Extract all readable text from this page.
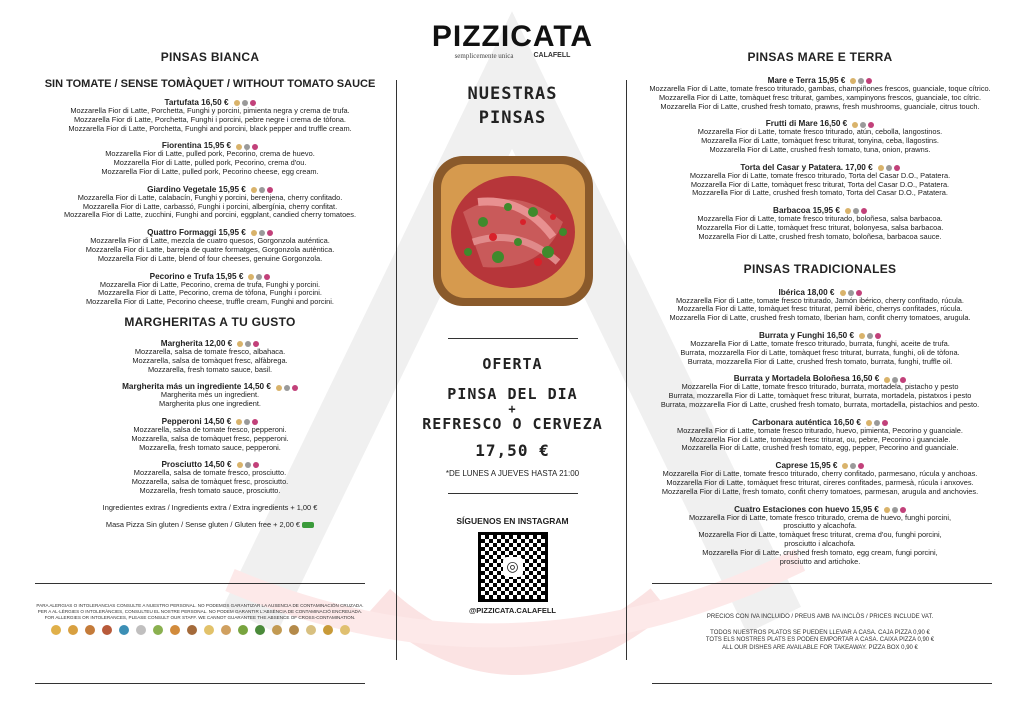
PINSAS BIANCA
SIN TOMATE / SENSE TOMÀQUET / WITHOUT TOMATO SAUCE
Tartufata 16,50 €
Mozzarella Fior di Latte, Porchetta, Funghi y porcini, pimienta negra y crema de trufa.
Mozzarella Fior di Latte, Porchetta, Funghi i porcini, pebre negre i crema de tòfona.
Mozzarella Fior di Latte, Porchetta, Funghi and porcini, black pepper and truffle cream.
Fiorentina 15,95 €
Mozzarella Fior di Latte, pulled pork, Pecorino, crema de huevo.
Mozzarella Fior di Latte, pulled pork, Pecorino, crema d'ou.
Mozzarella Fior di Latte, pulled pork, Pecorino cheese, egg cream.
Giardino Vegetale 15,95 €
Mozzarella Fior di Latte, calabacín, Funghi y porcini, berenjena, cherry confitado.
Mozzarella Fior di Latte, carbassó, Funghi i porcini, albergínia, cherry confitat.
Mozzarella Fior di Latte, zucchini, Funghi and porcini, eggplant, candied cherry tomatoes.
Quattro Formaggi 15,95 €
Mozzarella Fior di Latte, mezcla de cuatro quesos, Gorgonzola auténtica.
Mozzarella Fior di Latte, barreja de quatre formatges, Gorgonzola autèntica.
Mozzarella Fior di Latte, blend of four cheeses, genuine Gorgonzola.
Pecorino e Trufa 15,95 €
Mozzarella Fior di Latte, Pecorino, crema de trufa, Funghi y porcini.
Mozzarella Fior di Latte, Pecorino, crema de tòfona, Funghi i porcini.
Mozzarella Fior di Latte, Pecorino cheese, truffle cream, Funghi and porcini.
MARGHERITAS A TU GUSTO
Margherita 12,00 €
Mozzarella, salsa de tomate fresco, albahaca.
Mozzarella, salsa de tomàquet fresc, alfàbrega.
Mozzarella, fresh tomato sauce, basil.
Margherita más un ingrediente 14,50 €
Margherita més un ingredient.
Margherita plus one ingredient.
Pepperoni 14,50 €
Mozzarella, salsa de tomate fresco, pepperoni.
Mozzarella, salsa de tomàquet fresc, pepperoni.
Mozzarella, fresh tomato sauce, pepperoni.
Prosciutto 14,50 €
Mozzarella, salsa de tomate fresco, prosciutto.
Mozzarella, salsa de tomàquet fresc, prosciutto.
Mozzarella, fresh tomato sauce, prosciutto.
Ingredientes extras / Ingredients extra / Extra ingredients + 1,00 €
Masa Pizza Sin gluten / Sense gluten / Gluten free + 2,00 €
PARA ALERGIAS O INTOLERANCIAS CONSULTE A NUESTRO PERSONAL. NO PODEMOS GARANTIZAR LA AUSENCIA DE CONTAMINACIÓN CRUZADA.
PER A AL·LÈRGIES O INTOLERÀNCIES, CONSULTEU EL NOSTRE PERSONAL. NO PODEM GARANTIR L'ABSÈNCIA DE CONTAMINACIÓ ENCREUADA.
FOR ALLERGIES OR INTOLERANCES, PLEASE CONSULT OUR STAFF. WE CANNOT GUARANTEE THE ABSENCE OF CROSS-CONTAMINATION.
PIZZICATA
semplicemente unica	CALAFELL
NUESTRAS PINSAS
OFERTA
PINSA DEL DIA
+
REFRESCO O CERVEZA
17,50 €
*DE LUNES A JUEVES HASTA 21:00
SÍGUENOS EN INSTAGRAM
◎
@PIZZICATA.CALAFELL
PINSAS MARE E TERRA
Mare e Terra 15,95 €
Mozzarella Fior di Latte, tomate fresco triturado, gambas, champiñones frescos, guanciale, toque cítrico.
Mozzarella Fior di Latte, tomàquet fresc triturat, gambes, xampinyons frescos, guanciale, toc cítric.
Mozzarella Fior di Latte, crushed fresh tomato, prawns, fresh mushrooms, guanciale, citrus touch.
Frutti di Mare 16,50 €
Mozzarella Fior di Latte, tomate fresco triturado, atún, cebolla, langostinos.
Mozzarella Fior di Latte, tomàquet fresc triturat, tonyina, ceba, llagostins.
Mozzarella Fior di Latte, crushed fresh tomato, tuna, onion, prawns.
Torta del Casar y Patatera. 17,00 €
Mozzarella Fior di Latte, tomate fresco triturado, Torta del Casar D.O., Patatera.
Mozzarella Fior di Latte, tomàquet fresc triturat, Torta del Casar D.O., Patatera.
Mozzarella Fior di Latte, crushed fresh tomato, Torta del Casar D.O., Patatera.
Barbacoa 15,95 €
Mozzarella Fior di Latte, tomate fresco triturado, boloñesa, salsa barbacoa.
Mozzarella Fior di Latte, tomàquet fresc triturat, bolonyesa, salsa barbacoa.
Mozzarella Fior di Latte, crushed fresh tomato, boloñesa, barbacoa sauce.
PINSAS TRADICIONALES
Ibérica 18,00 €
Mozzarella Fior di Latte, tomate fresco triturado, Jamón ibérico, cherry confitado, rúcula.
Mozzarella Fior di Latte, tomàquet fresc triturat, pernil ibèric, cherrys confitades, rúcula.
Mozzarella Fior di Latte, crushed fresh tomato, Iberian ham, confit cherry tomatoes, arugula.
Burrata y Funghi 16,50 €
Mozzarella Fior di Latte, tomate fresco triturado, burrata, funghi, aceite de trufa.
Burrata, mozzarella Fior di Latte, tomàquet fresc triturat, burrata, funghi, oli de tòfona.
Burrata, mozzarella Fior di Latte, crushed fresh tomato, burrata, funghi, truffle oil.
Burrata y Mortadela Boloñesa 16,50 €
Mozzarella Fior di Latte, tomate fresco triturado, burrata, mortadela, pistacho y pesto
Burrata, mozzarella Fior di Latte, tomàquet fresc triturat, burrata, mortadela, pistatxos i pesto
Burrata, mozzarella Fior di Latte, crushed fresh tomato, burrata, mortadella, pistachios and pesto.
Carbonara auténtica 16,50 €
Mozzarella Fior di Latte, tomate fresco triturado, huevo, pimienta, Pecorino y guanciale.
Mozzarella Fior di Latte, tomàquet fresc triturat, ou, pebre, Pecorino i guanciale.
Mozzarella Fior di Latte, crushed fresh tomato, egg, pepper, Pecorino and guanciale.
Caprese 15,95 €
Mozzarella Fior di Latte, tomate fresco triturado, cherry confitado, parmesano, rúcula y anchoas.
Mozzarella Fior di Latte, tomàquet fresc triturat, cireres confitades, parmesà, rúcula i anxoves.
Mozzarella Fior di Latte, fresh tomato, confit cherry tomatoes, parmesan, arugula and anchovies.
Cuatro Estaciones con huevo 15,95 €
Mozzarella Fior di Latte, tomate fresco triturado, crema de huevo, funghi porcini,
prosciutto y alcachofa.
Mozzarella Fior di Latte, tomàquet fresc triturat, crema d'ou, funghi porcini,
prosciutto i alcachofa.
Mozzarella Fior di Latte, crushed fresh tomato, egg cream, fungi porcini,
prosciutto and artichoke.
PRECIOS CON IVA INCLUIDO / PREUS AMB IVA INCLÒS / PRICES INCLUDE VAT.
TODOS NUESTROS PLATOS SE PUEDEN LLEVAR A CASA. CAJA PIZZA 0,90 €
TOTS ELS NOSTRES PLATS ES PODEN EMPORTAR A CASA. CAIXA PIZZA 0,90 €
ALL OUR DISHES ARE AVAILABLE FOR TAKEAWAY. PIZZA BOX 0,90 €
